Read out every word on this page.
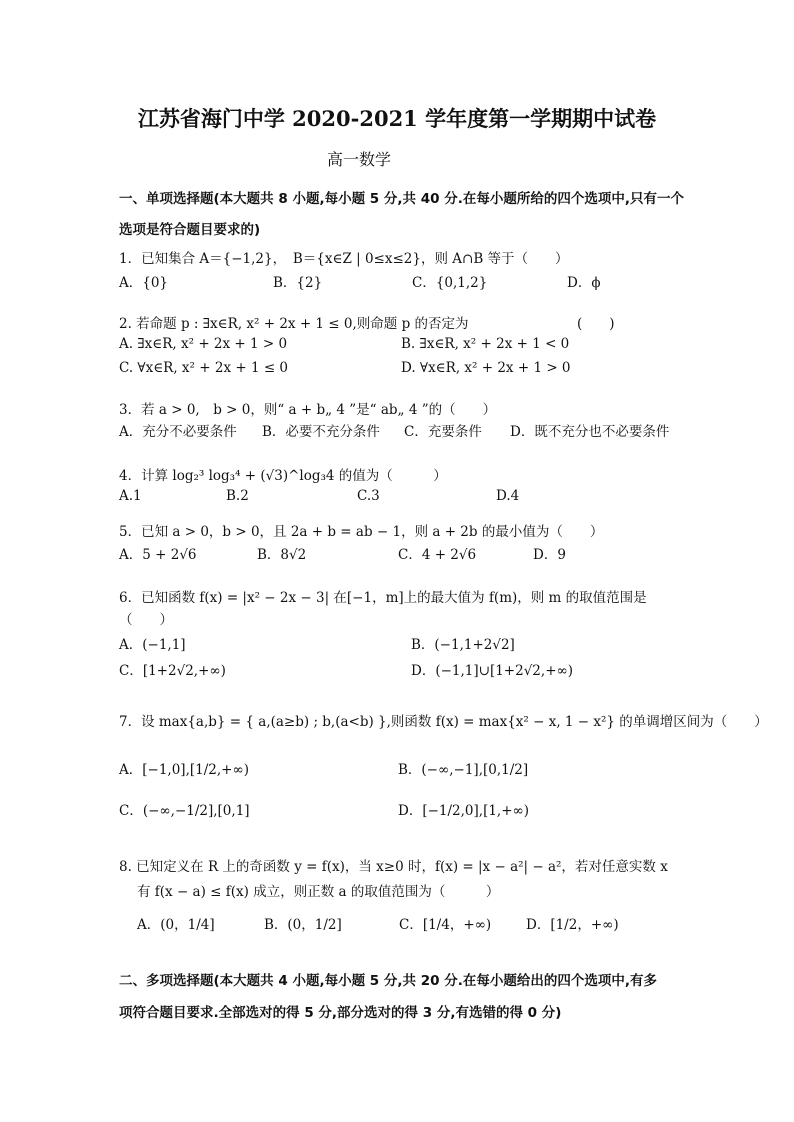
江苏省海门中学 2020-2021 学年度第一学期期中试卷
高一数学
一、单项选择题(本大题共 8 小题,每小题 5 分,共 40 分.在每小题所给的四个选项中,只有一个
选项是符合题目要求的)
1．已知集合 A＝{−1,2}，　B＝{x∈Z | 0≤x≤2}，则 A∩B 等于（　　）
A．{0}	B．{2}	C．{0,1,2}	D．ϕ
2. 若命题 p : ∃x∈R, x² + 2x + 1 ≤ 0,则命题 p 的否定为	(　　)
A. ∃x∈R, x² + 2x + 1 > 0	B. ∃x∈R, x² + 2x + 1 < 0
C. ∀x∈R, x² + 2x + 1 ≤ 0	D. ∀x∈R, x² + 2x + 1 > 0
3．若 a > 0,　b > 0，则“ a + b„ 4 ”是“ ab„ 4 ”的（　　）
A．充分不必要条件 B．必要不充分条件 C．充要条件 D．既不充分也不必要条件
4．计算 log₂³ log₃⁴ + (√3)^log₃4 的值为（　　　）
A.1	B.2	C.3	D.4
5．已知 a > 0，b > 0，且 2a + b = ab − 1，则 a + 2b 的最小值为（　　）
A．5 + 2√6	B．8√2	C．4 + 2√6	D．9
6．已知函数 f(x) = |x² − 2x − 3| 在[−1，m]上的最大值为 f(m)，则 m 的取值范围是
（　　）
A．(−1,1]	B．(−1,1+2√2]
C．[1+2√2,+∞)	D．(−1,1]∪[1+2√2,+∞)
7．设 max{a,b} = { a,(a≥b) ; b,(a<b) },则函数 f(x) = max{x² − x, 1 − x²} 的单调增区间为（　　）
A．[−1,0],[1/2,+∞)	B．(−∞,−1],[0,1/2]
C．(−∞,−1/2],[0,1]	D．[−1/2,0],[1,+∞)
8. 已知定义在 R 上的奇函数 y = f(x)，当 x≥0 时，f(x) = |x − a²| − a²，若对任意实数 x
有 f(x − a) ≤ f(x) 成立，则正数 a 的取值范围为（　　　）
A．(0，1/4]	B．(0，1/2]	C．[1/4，+∞)	D．[1/2，+∞)
二、多项选择题(本大题共 4 小题,每小题 5 分,共 20 分.在每小题给出的四个选项中,有多
项符合题目要求.全部选对的得 5 分,部分选对的得 3 分,有选错的得 0 分)
